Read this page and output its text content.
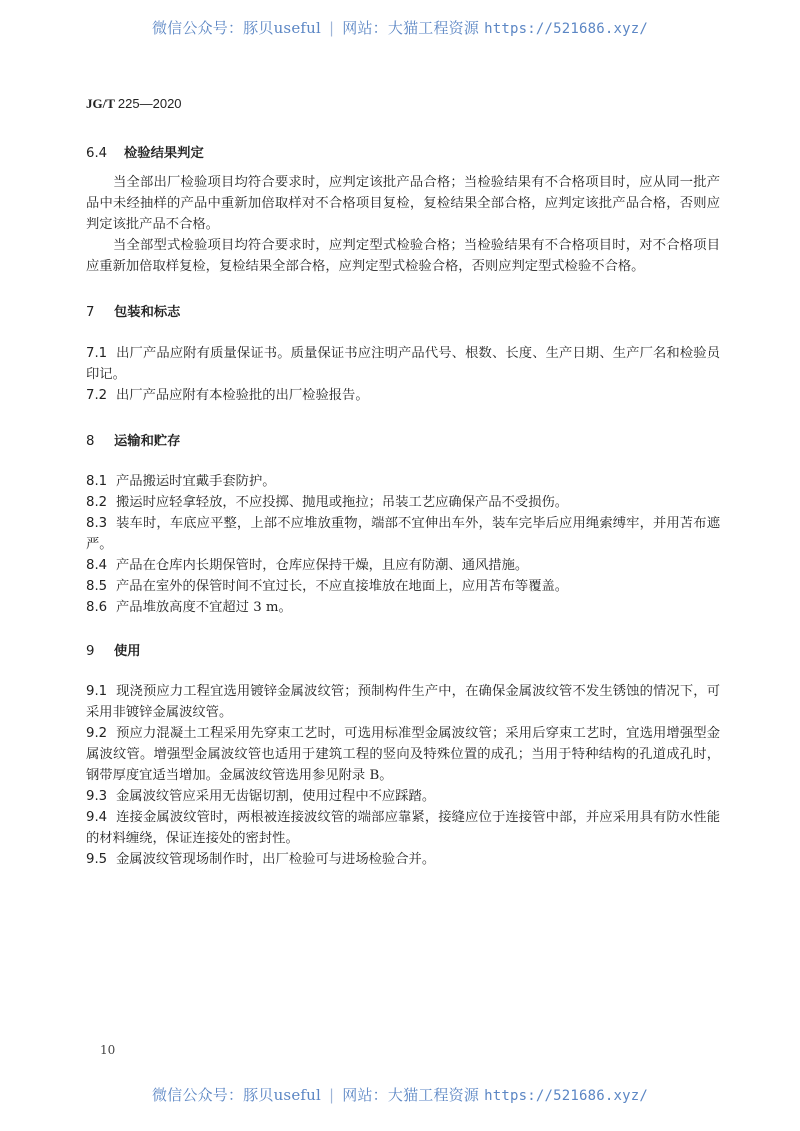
微信公众号：豚贝useful | 网站：大猫工程资源 https://521686.xyz/
JG/T 225—2020
6.4 检验结果判定
当全部出厂检验项目均符合要求时，应判定该批产品合格；当检验结果有不合格项目时，应从同一批产品中未经抽样的产品中重新加倍取样对不合格项目复检，复检结果全部合格，应判定该批产品合格，否则应判定该批产品不合格。
当全部型式检验项目均符合要求时，应判定型式检验合格；当检验结果有不合格项目时，对不合格项目应重新加倍取样复检，复检结果全部合格，应判定型式检验合格，否则应判定型式检验不合格。
7 包装和标志
7.1 出厂产品应附有质量保证书。质量保证书应注明产品代号、根数、长度、生产日期、生产厂名和检验员印记。
7.2 出厂产品应附有本检验批的出厂检验报告。
8 运输和贮存
8.1 产品搬运时宜戴手套防护。
8.2 搬运时应轻拿轻放，不应投掷、抛甩或拖拉；吊装工艺应确保产品不受损伤。
8.3 装车时，车底应平整，上部不应堆放重物，端部不宜伸出车外，装车完毕后应用绳索缚牢，并用苫布遮严。
8.4 产品在仓库内长期保管时，仓库应保持干燥，且应有防潮、通风措施。
8.5 产品在室外的保管时间不宜过长，不应直接堆放在地面上，应用苫布等覆盖。
8.6 产品堆放高度不宜超过 3 m。
9 使用
9.1 现浇预应力工程宜选用镀锌金属波纹管；预制构件生产中，在确保金属波纹管不发生锈蚀的情况下，可采用非镀锌金属波纹管。
9.2 预应力混凝土工程采用先穿束工艺时，可选用标准型金属波纹管；采用后穿束工艺时，宜选用增强型金属波纹管。增强型金属波纹管也适用于建筑工程的竖向及特殊位置的成孔；当用于特种结构的孔道成孔时，钢带厚度宜适当增加。金属波纹管选用参见附录 B。
9.3 金属波纹管应采用无齿锯切割，使用过程中不应踩踏。
9.4 连接金属波纹管时，两根被连接波纹管的端部应靠紧，接缝应位于连接管中部，并应采用具有防水性能的材料缠绕，保证连接处的密封性。
9.5 金属波纹管现场制作时，出厂检验可与进场检验合并。
10
微信公众号：豚贝useful | 网站：大猫工程资源 https://521686.xyz/
